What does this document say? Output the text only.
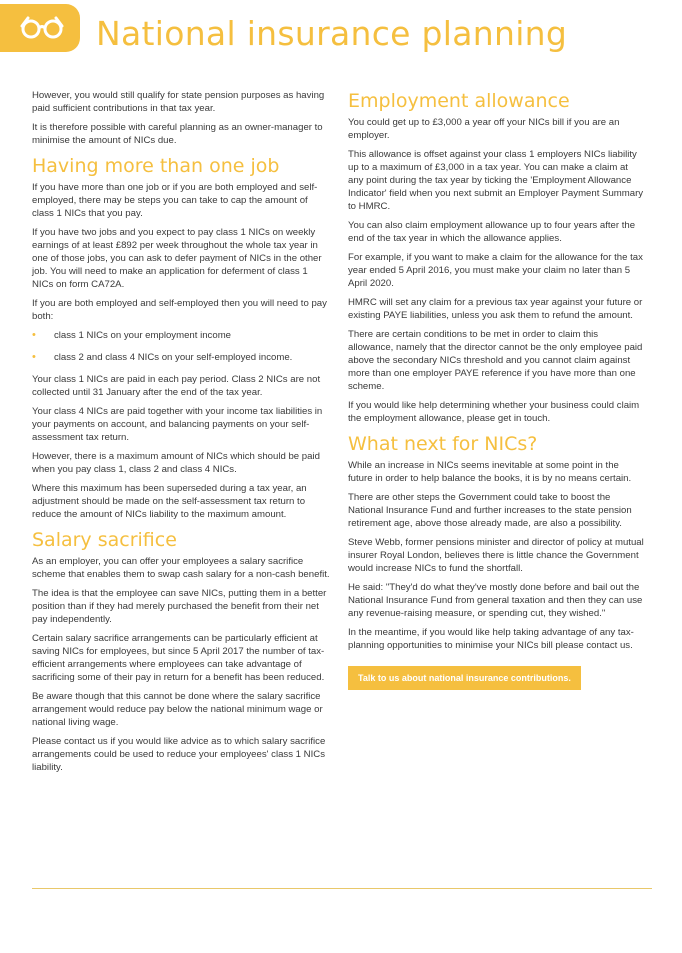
National insurance planning

However, you would still qualify for state pension purposes as having paid sufficient contributions in that tax year.

It is therefore possible with careful planning as an owner-manager to minimise the amount of NICs due.

Having more than one job

If you have more than one job or if you are both employed and self-employed, there may be steps you can take to cap the amount of class 1 NICs that you pay.

If you have two jobs and you expect to pay class 1 NICs on weekly earnings of at least £892 per week throughout the whole tax year in one of those jobs, you can ask to defer payment of NICs in the other job. You will need to make an application for deferment of class 1 NICs on form CA72A.

If you are both employed and self-employed then you will need to pay both:

• class 1 NICs on your employment income
• class 2 and class 4 NICs on your self-employed income.

Your class 1 NICs are paid in each pay period. Class 2 NICs are not collected until 31 January after the end of the tax year.

Your class 4 NICs are paid together with your income tax liabilities in your payments on account, and balancing payments on your self-assessment tax return.

However, there is a maximum amount of NICs which should be paid when you pay class 1, class 2 and class 4 NICs.

Where this maximum has been superseded during a tax year, an adjustment should be made on the self-assessment tax return to reduce the amount of NICs liability to the maximum amount.

Salary sacrifice

As an employer, you can offer your employees a salary sacrifice scheme that enables them to swap cash salary for a non-cash benefit.

The idea is that the employee can save NICs, putting them in a better position than if they had merely purchased the benefit from their net pay independently.

Certain salary sacrifice arrangements can be particularly efficient at saving NICs for employees, but since 5 April 2017 the number of tax-efficient arrangements where employees can take advantage of sacrificing some of their pay in return for a benefit has been reduced.

Be aware though that this cannot be done where the salary sacrifice arrangement would reduce pay below the national minimum wage or national living wage.

Please contact us if you would like advice as to which salary sacrifice arrangements could be used to reduce your employees' class 1 NICs liability.

Employment allowance

You could get up to £3,000 a year off your NICs bill if you are an employer.

This allowance is offset against your class 1 employers NICs liability up to a maximum of £3,000 in a tax year. You can make a claim at any point during the tax year by ticking the 'Employment Allowance Indicator' field when you next submit an Employer Payment Summary to HMRC.

You can also claim employment allowance up to four years after the end of the tax year in which the allowance applies.

For example, if you want to make a claim for the allowance for the tax year ended 5 April 2016, you must make your claim no later than 5 April 2020.

HMRC will set any claim for a previous tax year against your future or existing PAYE liabilities, unless you ask them to refund the amount.

There are certain conditions to be met in order to claim this allowance, namely that the director cannot be the only employee paid above the secondary NICs threshold and you cannot claim against more than one employer PAYE reference if you have more than one scheme.

If you would like help determining whether your business could claim the employment allowance, please get in touch.

What next for NICs?

While an increase in NICs seems inevitable at some point in the future in order to help balance the books, it is by no means certain.

There are other steps the Government could take to boost the National Insurance Fund and further increases to the state pension retirement age, above those already made, are also a possibility.

Steve Webb, former pensions minister and director of policy at mutual insurer Royal London, believes there is little chance the Government would increase NICs to fund the shortfall.

He said: "They'd do what they've mostly done before and bail out the National Insurance Fund from general taxation and then they can use any revenue-raising measure, or spending cut, they wished."

In the meantime, if you would like help taking advantage of any tax-planning opportunities to minimise your NICs bill please contact us.

Talk to us about national insurance contributions.
